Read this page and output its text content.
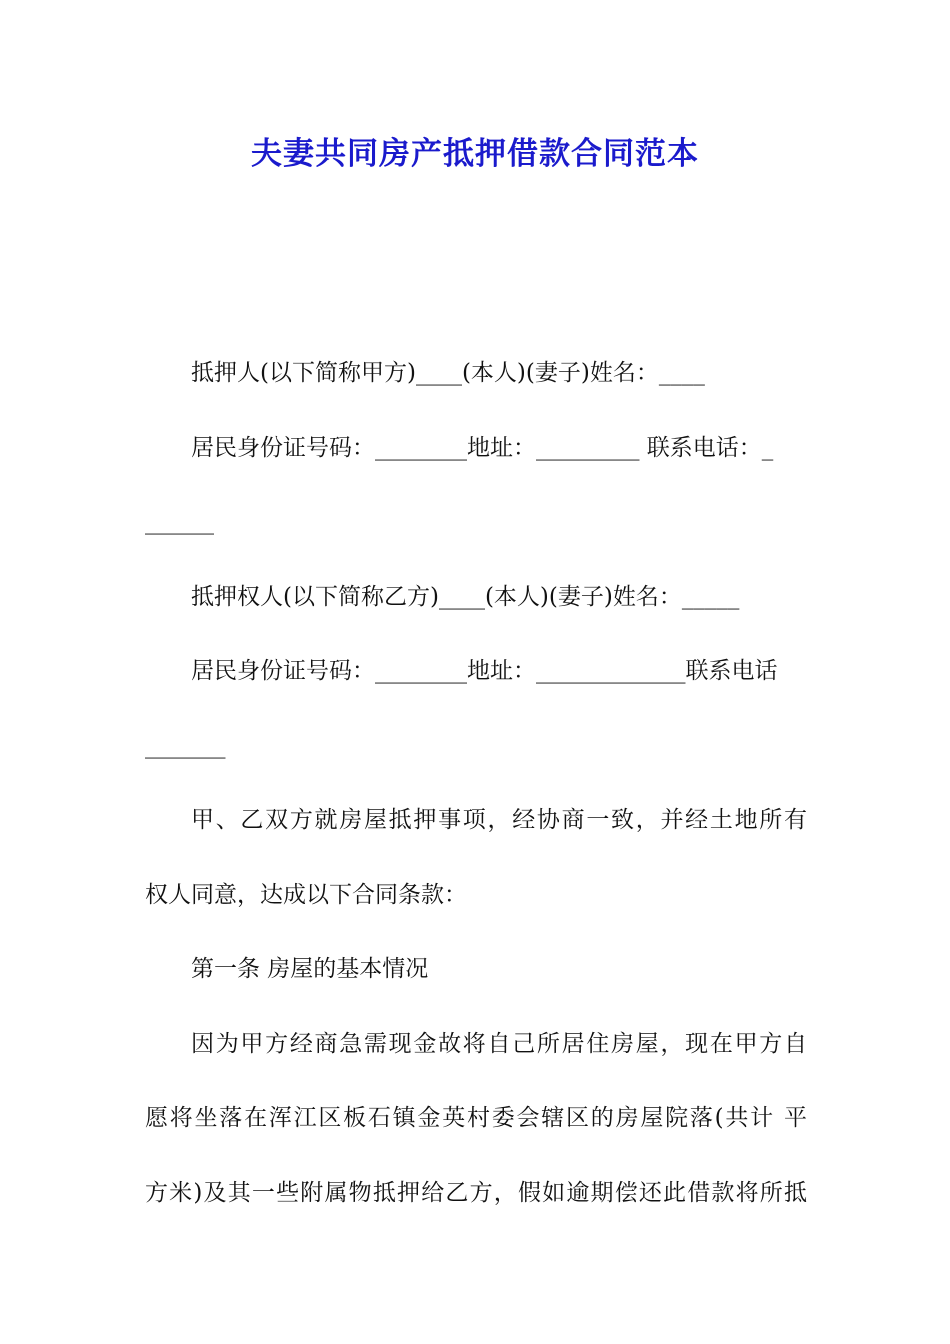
夫妻共同房产抵押借款合同范本
抵押人(以下简称甲方)____(本人)(妻子)姓名：____
居民身份证号码：________地址：_________ 联系电话：_
______
抵押权人(以下简称乙方)____(本人)(妻子)姓名：_____
居民身份证号码：________地址：_____________联系电话
_______
甲、乙双方就房屋抵押事项，经协商一致，并经土地所有
权人同意，达成以下合同条款：
第一条 房屋的基本情况
因为甲方经商急需现金故将自己所居住房屋，现在甲方自
愿将坐落在浑江区板石镇金英村委会辖区的房屋院落(共计 平
方米)及其一些附属物抵押给乙方，假如逾期偿还此借款将所抵
